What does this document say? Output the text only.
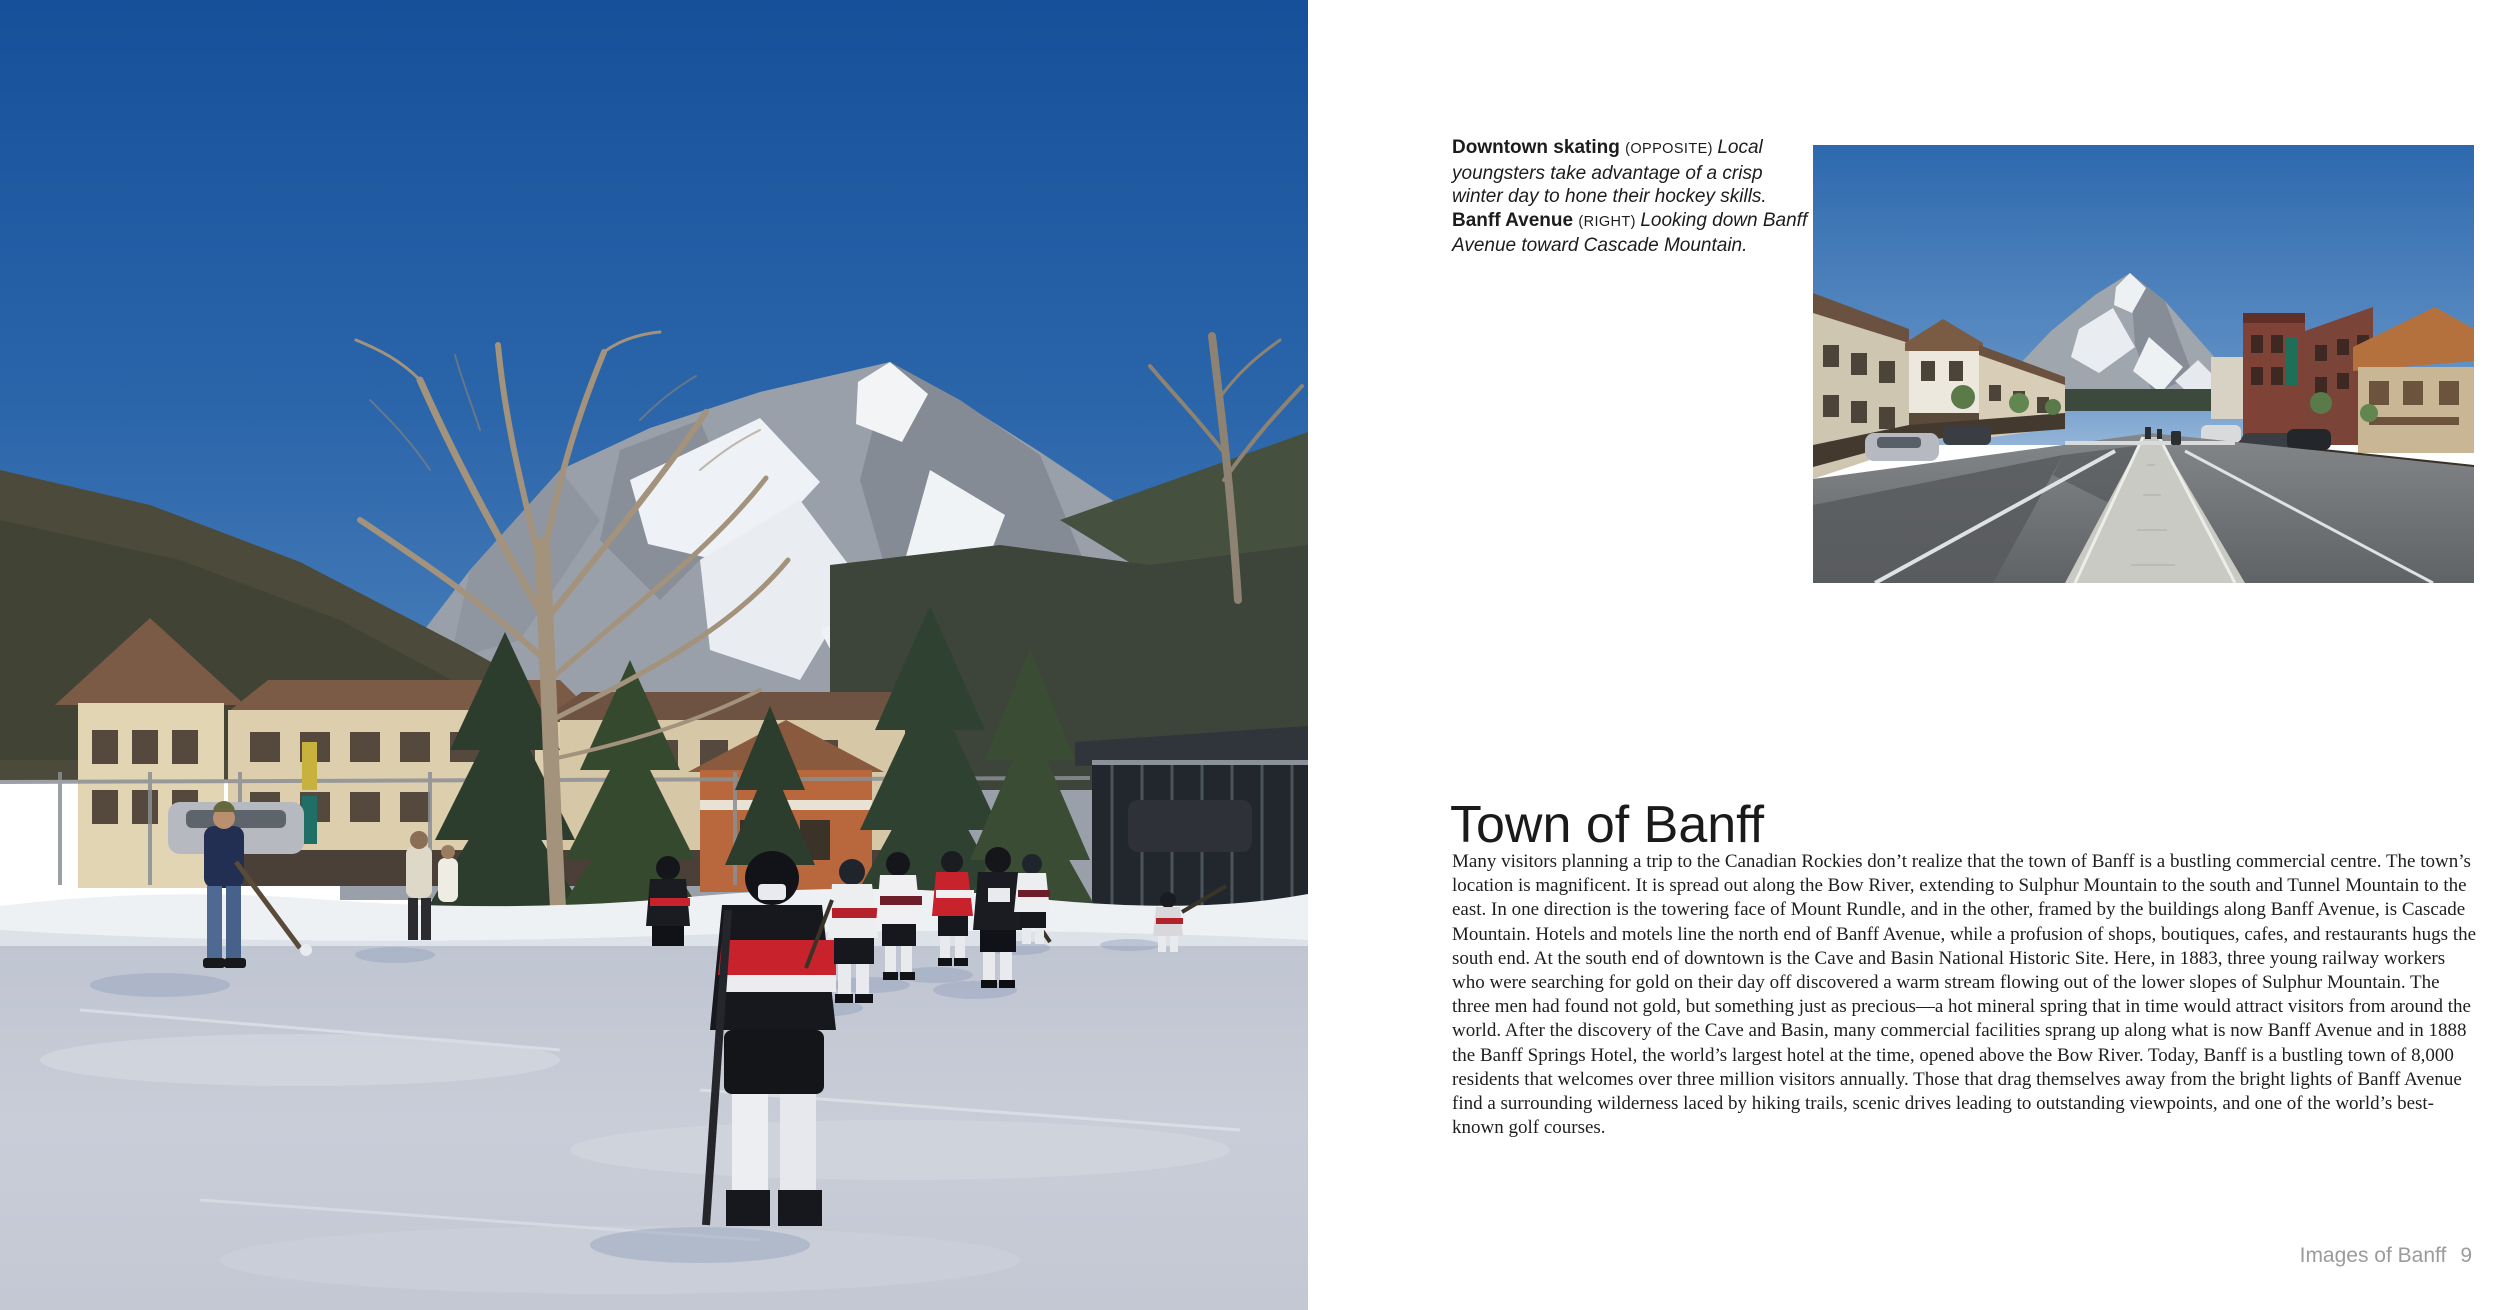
Downtown skating (OPPOSITE) Local youngsters take advantage of a crisp winter day to hone their hockey skills. Banff Avenue (RIGHT) Looking down Banff Avenue toward Cascade Mountain.
Town of Banff

Many visitors planning a trip to the Canadian Rockies don’t realize that the town of Banff is a bustling commercial centre. The town’s location is magnificent. It is spread out along the Bow River, extending to Sulphur Mountain to the south and Tunnel Mountain to the east. In one direction is the towering face of Mount Rundle, and in the other, framed by the buildings along Banff Avenue, is Cascade Mountain. Hotels and motels line the north end of Banff Avenue, while a profusion of shops, boutiques, cafes, and restaurants hugs the south end. At the south end of downtown is the Cave and Basin National Historic Site. Here, in 1883, three young railway workers who were searching for gold on their day off discovered a warm stream flowing out of the lower slopes of Sulphur Mountain. The three men had found not gold, but something just as precious—a hot mineral spring that in time would attract visitors from around the world. After the discovery of the Cave and Basin, many commercial facilities sprang up along what is now Banff Avenue and in 1888 the Banff Springs Hotel, the world’s largest hotel at the time, opened above the Bow River. Today, Banff is a bustling town of 8,000 residents that welcomes over three million visitors annually. Those that drag themselves away from the bright lights of Banff Avenue find a surrounding wilderness laced by hiking trails, scenic drives leading to outstanding viewpoints, and one of the world’s best-known golf courses.

Images of Banff 9
